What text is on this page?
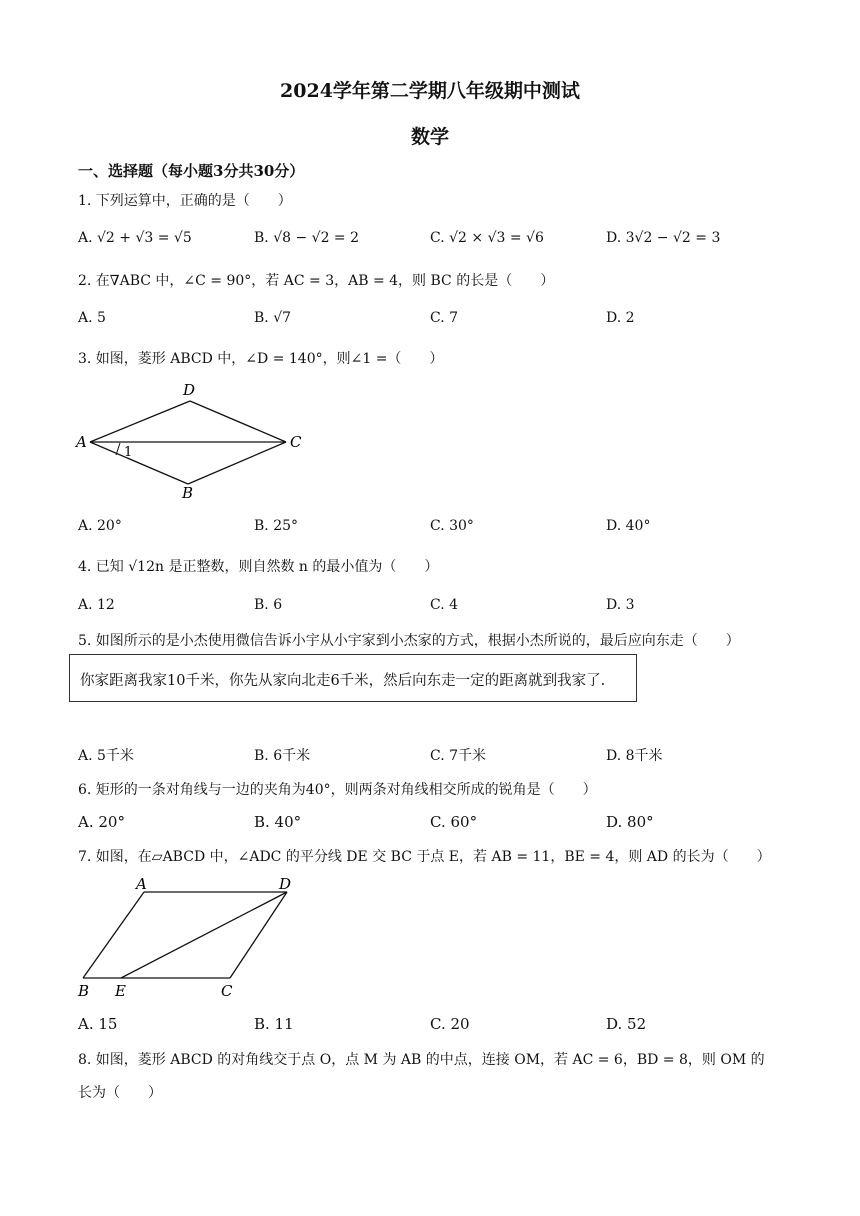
2024学年第二学期八年级期中测试
数学
一、选择题（每小题3分共30分）
1. 下列运算中，正确的是（　　）
A. √2 + √3 = √5	B. √8 − √2 = 2	C. √2 × √3 = √6	D. 3√2 − √2 = 3
2. 在∇ABC 中，∠C = 90°，若 AC = 3，AB = 4，则 BC 的长是（　　）
A. 5	B. √7	C. 7	D. 2
3. 如图，菱形 ABCD 中，∠D = 140°，则∠1 =（　　）
D
A	C
B
1
A. 20°	B. 25°	C. 30°	D. 40°
4. 已知 √12n 是正整数，则自然数 n 的最小值为（　　）
A. 12	B. 6	C. 4	D. 3
5. 如图所示的是小杰使用微信告诉小宇从小宇家到小杰家的方式，根据小杰所说的，最后应向东走（　　）
你家距离我家10千米，你先从家向北走6千米，然后向东走一定的距离就到我家了.
A. 5千米	B. 6千米	C. 7千米	D. 8千米
6. 矩形的一条对角线与一边的夹角为40°，则两条对角线相交所成的锐角是（　　）
A. 20°	B. 40°	C. 60°	D. 80°
7. 如图，在▱ABCD 中，∠ADC 的平分线 DE 交 BC 于点 E，若 AB = 11，BE = 4，则 AD 的长为（　　）
A	D
B E	C
A. 15	B. 11	C. 20	D. 52
8. 如图，菱形 ABCD 的对角线交于点 O，点 M 为 AB 的中点，连接 OM，若 AC = 6，BD = 8，则 OM 的
长为（　　）
